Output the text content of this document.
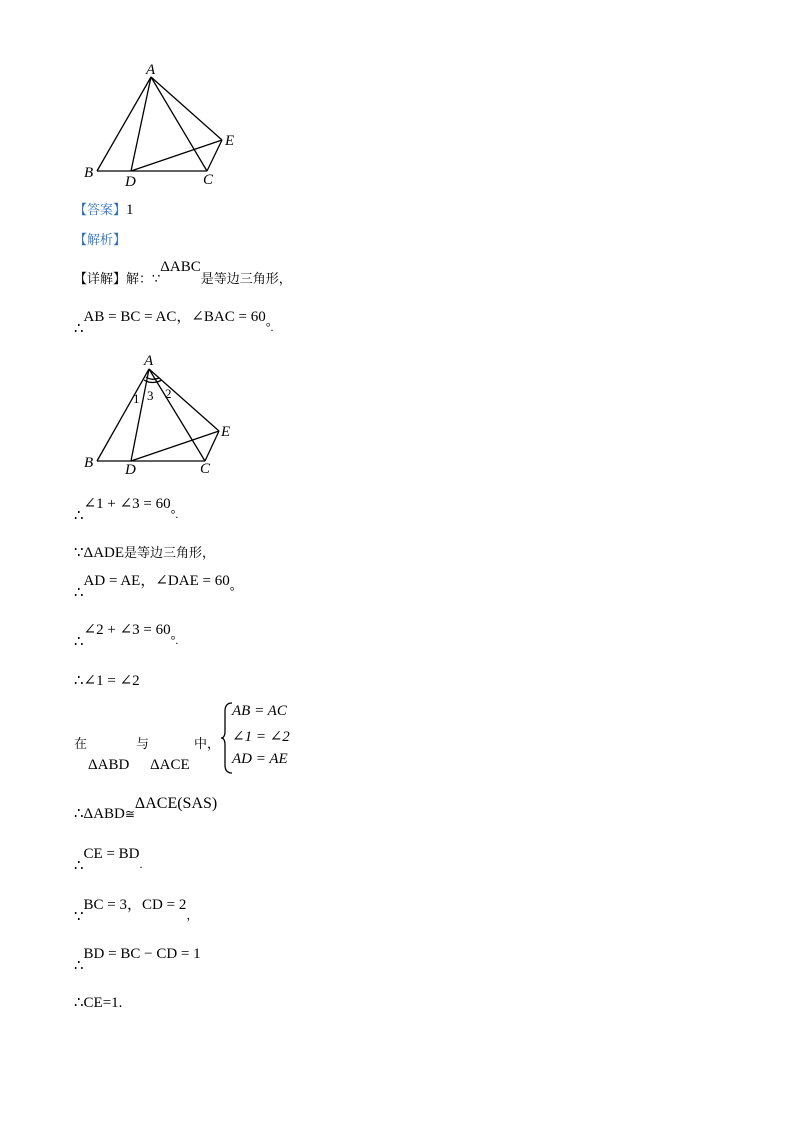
A
B
D	C
E
【答案】1
【解析】
$_{【详解】解:\because}\Delta ABC_{是等边三角形,}$
∴AB = BC = AC，∠BAC = $60_{^\circ.}$
A
B D	C
E
1 3 2
∴∠1 + ∠3 = $60_{^\circ.}$
∵ΔADE是等边三角形，
∴AD = AE，∠DAE = $60^\circ$
∴∠2 + ∠3 = $60_{^\circ.}$
∴∠1 = ∠2
在	与	中，
ΔABD ΔACE
AB = AC
∠1 = ∠2
AD = AE
$\therefore\Delta ABD_≅\Delta ACE(SAS)$
∴CE = $BD_.$
∵BC = 3，CD = $2_,$
∴BD = BC − CD = 1
∴CE=1.
